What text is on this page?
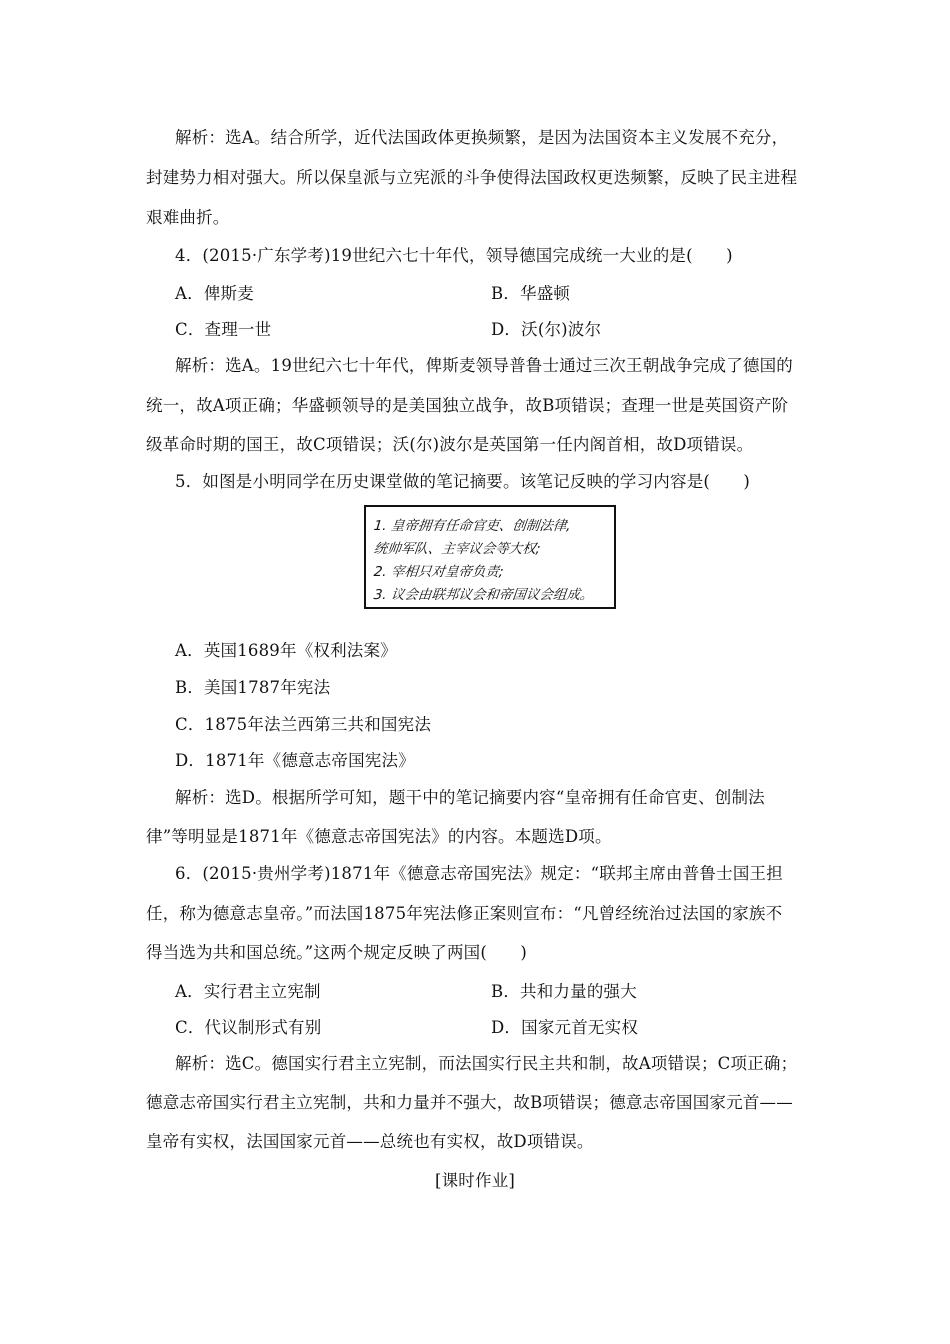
解析：选A。结合所学，近代法国政体更换频繁，是因为法国资本主义发展不充分，
封建势力相对强大。所以保皇派与立宪派的斗争使得法国政权更迭频繁，反映了民主进程
艰难曲折。
4．(2015·广东学考)19世纪六七十年代，领导德国完成统一大业的是(　　)
A．俾斯麦	B．华盛顿
C．查理一世	D．沃(尔)波尔
解析：选A。19世纪六七十年代，俾斯麦领导普鲁士通过三次王朝战争完成了德国的
统一，故A项正确；华盛顿领导的是美国独立战争，故B项错误；查理一世是英国资产阶
级革命时期的国王，故C项错误；沃(尔)波尔是英国第一任内阁首相，故D项错误。
5．如图是小明同学在历史课堂做的笔记摘要。该笔记反映的学习内容是(　　)
1. 皇帝拥有任命官吏、创制法律,
统帅军队、主宰议会等大权;
2. 宰相只对皇帝负责;
3. 议会由联邦议会和帝国议会组成。
A．英国1689年《权利法案》
B．美国1787年宪法
C．1875年法兰西第三共和国宪法
D．1871年《德意志帝国宪法》
解析：选D。根据所学可知，题干中的笔记摘要内容“皇帝拥有任命官吏、创制法
律”等明显是1871年《德意志帝国宪法》的内容。本题选D项。
6．(2015·贵州学考)1871年《德意志帝国宪法》规定：“联邦主席由普鲁士国王担
任，称为德意志皇帝。”而法国1875年宪法修正案则宣布：“凡曾经统治过法国的家族不
得当选为共和国总统。”这两个规定反映了两国(　　)
A．实行君主立宪制	B．共和力量的强大
C．代议制形式有别	D．国家元首无实权
解析：选C。德国实行君主立宪制，而法国实行民主共和制，故A项错误；C项正确；
德意志帝国实行君主立宪制，共和力量并不强大，故B项错误；德意志帝国国家元首——
皇帝有实权，法国国家元首——总统也有实权，故D项错误。
[课时作业]
